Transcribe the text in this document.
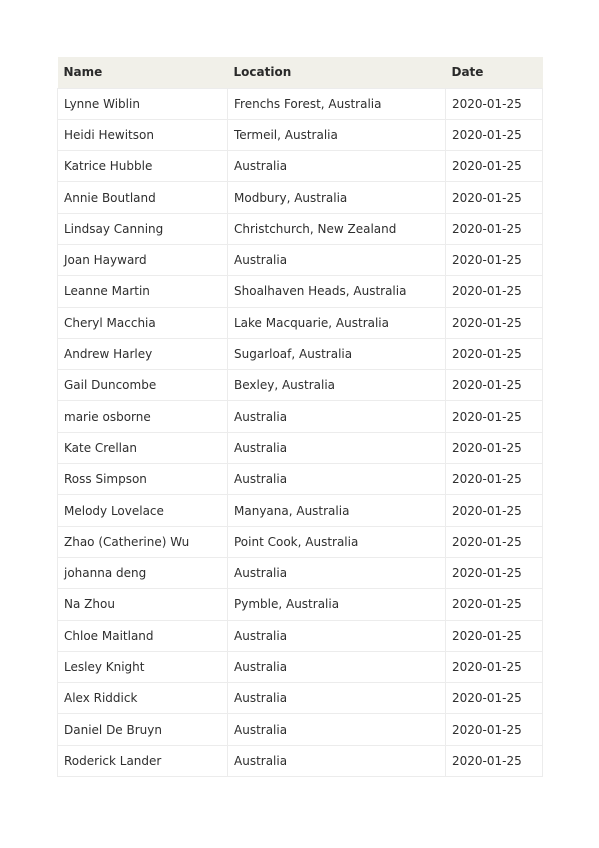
Name	Location	Date
Lynne Wiblin	Frenchs Forest, Australia	2020-01-25
Heidi Hewitson	Termeil, Australia	2020-01-25
Katrice Hubble	Australia	2020-01-25
Annie Boutland	Modbury, Australia	2020-01-25
Lindsay Canning	Christchurch, New Zealand	2020-01-25
Joan Hayward	Australia	2020-01-25
Leanne Martin	Shoalhaven Heads, Australia	2020-01-25
Cheryl Macchia	Lake Macquarie, Australia	2020-01-25
Andrew Harley	Sugarloaf, Australia	2020-01-25
Gail Duncombe	Bexley, Australia	2020-01-25
marie osborne	Australia	2020-01-25
Kate Crellan	Australia	2020-01-25
Ross Simpson	Australia	2020-01-25
Melody Lovelace	Manyana, Australia	2020-01-25
Zhao (Catherine) Wu	Point Cook, Australia	2020-01-25
johanna deng	Australia	2020-01-25
Na Zhou	Pymble, Australia	2020-01-25
Chloe Maitland	Australia	2020-01-25
Lesley Knight	Australia	2020-01-25
Alex Riddick	Australia	2020-01-25
Daniel De Bruyn	Australia	2020-01-25
Roderick Lander	Australia	2020-01-25
